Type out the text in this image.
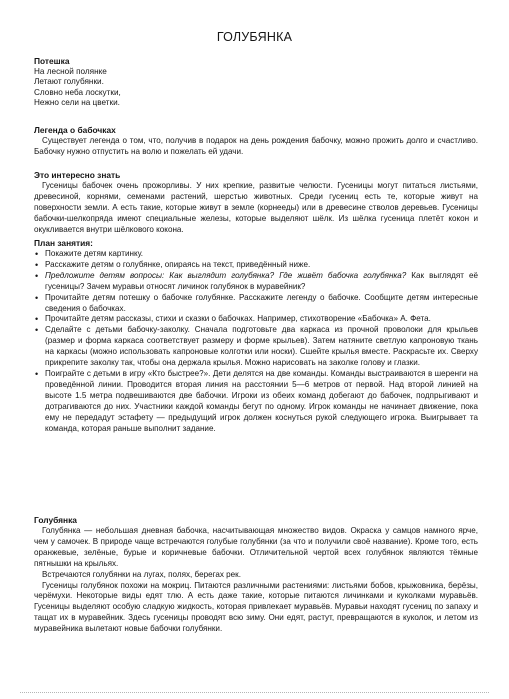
ГОЛУБЯНКА
Потешка
На лесной полянке
Летают голубянки.
Словно неба лоскутки,
Нежно сели на цветки.
Легенда о бабочках

Существует легенда о том, что, получив в подарок на день рождения бабочку, можно прожить долго и счастливо. Бабочку нужно отпустить на волю и пожелать ей удачи.

Это интересно знать

Гусеницы бабочек очень прожорливы. У них крепкие, развитые челюсти. Гусеницы могут питаться листьями, древесиной, корнями, семенами растений, шерстью животных. Среди гусениц есть те, которые живут на поверхности земли. А есть такие, которые живут в земле (корнееды) или в древесине стволов деревьев. Гусеницы бабочки-шелкопряда имеют специальные железы, которые выделяют шёлк. Из шёлка гусеница плетёт кокон и окукливается внутри шёлкового кокона.

План занятия:
• Покажите детям картинку.
• Расскажите детям о голубянке, опираясь на текст, приведённый ниже.
• Предложите детям вопросы: Как выглядит голубянка? Где живёт бабочка голубянка? Как выглядят её гусеницы? Зачем муравьи относят личинок голубянок в муравейник?
• Прочитайте детям потешку о бабочке голубянке. Расскажите легенду о бабочке. Сообщите детям интересные сведения о бабочках.
• Прочитайте детям рассказы, стихи и сказки о бабочках. Например, стихотворение «Бабочка» А. Фета.
• Сделайте с детьми бабочку-заколку. Сначала подготовьте два каркаса из прочной проволоки для крыльев (размер и форма каркаса соответствует размеру и форме крыльев). Затем натяните светлую капроновую ткань на каркасы (можно использовать капроновые колготки или носки). Сшейте крылья вместе. Раскрасьте их. Сверху прикрепите заколку так, чтобы она держала крылья. Можно нарисовать на заколке голову и глазки.
• Поиграйте с детьми в игру «Кто быстрее?». Дети делятся на две команды. Команды выстраиваются в шеренги на проведённой линии. Проводится вторая линия на расстоянии 5—6 метров от первой. Над второй линией на высоте 1.5 метра подвешиваются две бабочки. Игроки из обеих команд добегают до бабочек, подпрыгивают и дотрагиваются до них. Участники каждой команды бегут по одному. Игрок команды не начинает движение, пока ему не передадут эстафету — предыдущий игрок должен коснуться рукой следующего игрока. Выигрывает та команда, которая раньше выполнит задание.
Голубянка

Голубянка — небольшая дневная бабочка, насчитывающая множество видов. Окраска у самцов намного ярче, чем у самочек. В природе чаще встречаются голубые голубянки (за что и получили своё название). Кроме того, есть оранжевые, зелёные, бурые и коричневые бабочки. Отличительной чертой всех голубянок являются тёмные пятнышки на крыльях.

Встречаются голубянки на лугах, полях, берегах рек.

Гусеницы голубянок похожи на мокриц. Питаются различными растениями: листьями бобов, крыжовника, берёзы, черёмухи. Некоторые виды едят тлю. А есть даже такие, которые питаются личинками и куколками муравьёв. Гусеницы выделяют особую сладкую жидкость, которая привлекает муравьёв. Муравьи находят гусениц по запаху и тащат их в муравейник. Здесь гусеницы проводят всю зиму. Они едят, растут, превращаются в куколок, и летом из муравейника вылетают новые бабочки голубянки.
